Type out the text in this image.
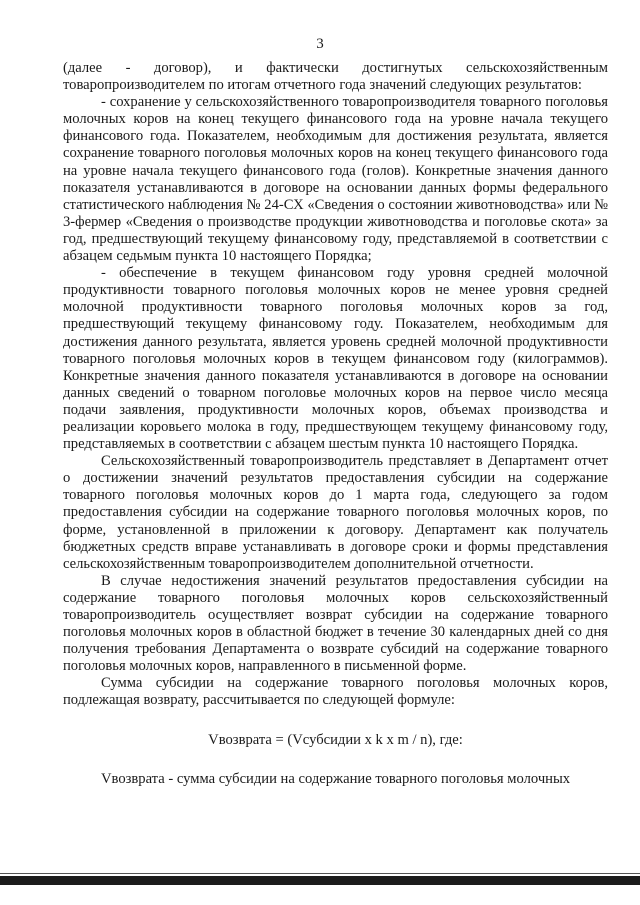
3

(далее - договор), и фактически достигнутых сельскохозяйственным товаропроизводителем по итогам отчетного года значений следующих результатов:

- сохранение у сельскохозяйственного товаропроизводителя товарного поголовья молочных коров на конец текущего финансового года на уровне начала текущего финансового года. Показателем, необходимым для достижения результата, является сохранение товарного поголовья молочных коров на конец текущего финансового года на уровне начала текущего финансового года (голов). Конкретные значения данного показателя устанавливаются в договоре на основании данных формы федерального статистического наблюдения № 24-СХ «Сведения о состоянии животноводства» или № 3-фермер «Сведения о производстве продукции животноводства и поголовье скота» за год, предшествующий текущему финансовому году, представляемой в соответствии с абзацем седьмым пункта 10 настоящего Порядка;

- обеспечение в текущем финансовом году уровня средней молочной продуктивности товарного поголовья молочных коров не менее уровня средней молочной продуктивности товарного поголовья молочных коров за год, предшествующий текущему финансовому году. Показателем, необходимым для достижения данного результата, является уровень средней молочной продуктивности товарного поголовья молочных коров в текущем финансовом году (килограммов). Конкретные значения данного показателя устанавливаются в договоре на основании данных сведений о товарном поголовье молочных коров на первое число месяца подачи заявления, продуктивности молочных коров, объемах производства и реализации коровьего молока в году, предшествующем текущему финансовому году, представляемых в соответствии с абзацем шестым пункта 10 настоящего Порядка.

Сельскохозяйственный товаропроизводитель представляет в Департамент отчет о достижении значений результатов предоставления субсидии на содержание товарного поголовья молочных коров до 1 марта года, следующего за годом предоставления субсидии на содержание товарного поголовья молочных коров, по форме, установленной в приложении к договору. Департамент как получатель бюджетных средств вправе устанавливать в договоре сроки и формы представления сельскохозяйственным товаропроизводителем дополнительной отчетности.

В случае недостижения значений результатов предоставления субсидии на содержание товарного поголовья молочных коров сельскохозяйственный товаропроизводитель осуществляет возврат субсидии на содержание товарного поголовья молочных коров в областной бюджет в течение 30 календарных дней со дня получения требования Департамента о возврате субсидий на содержание товарного поголовья молочных коров, направленного в письменной форме.

Сумма субсидии на содержание товарного поголовья молочных коров, подлежащая возврату, рассчитывается по следующей формуле:

Vвозврата = (Vсубсидии x k x m / n), где:

Vвозврата - сумма субсидии на содержание товарного поголовья молочных
